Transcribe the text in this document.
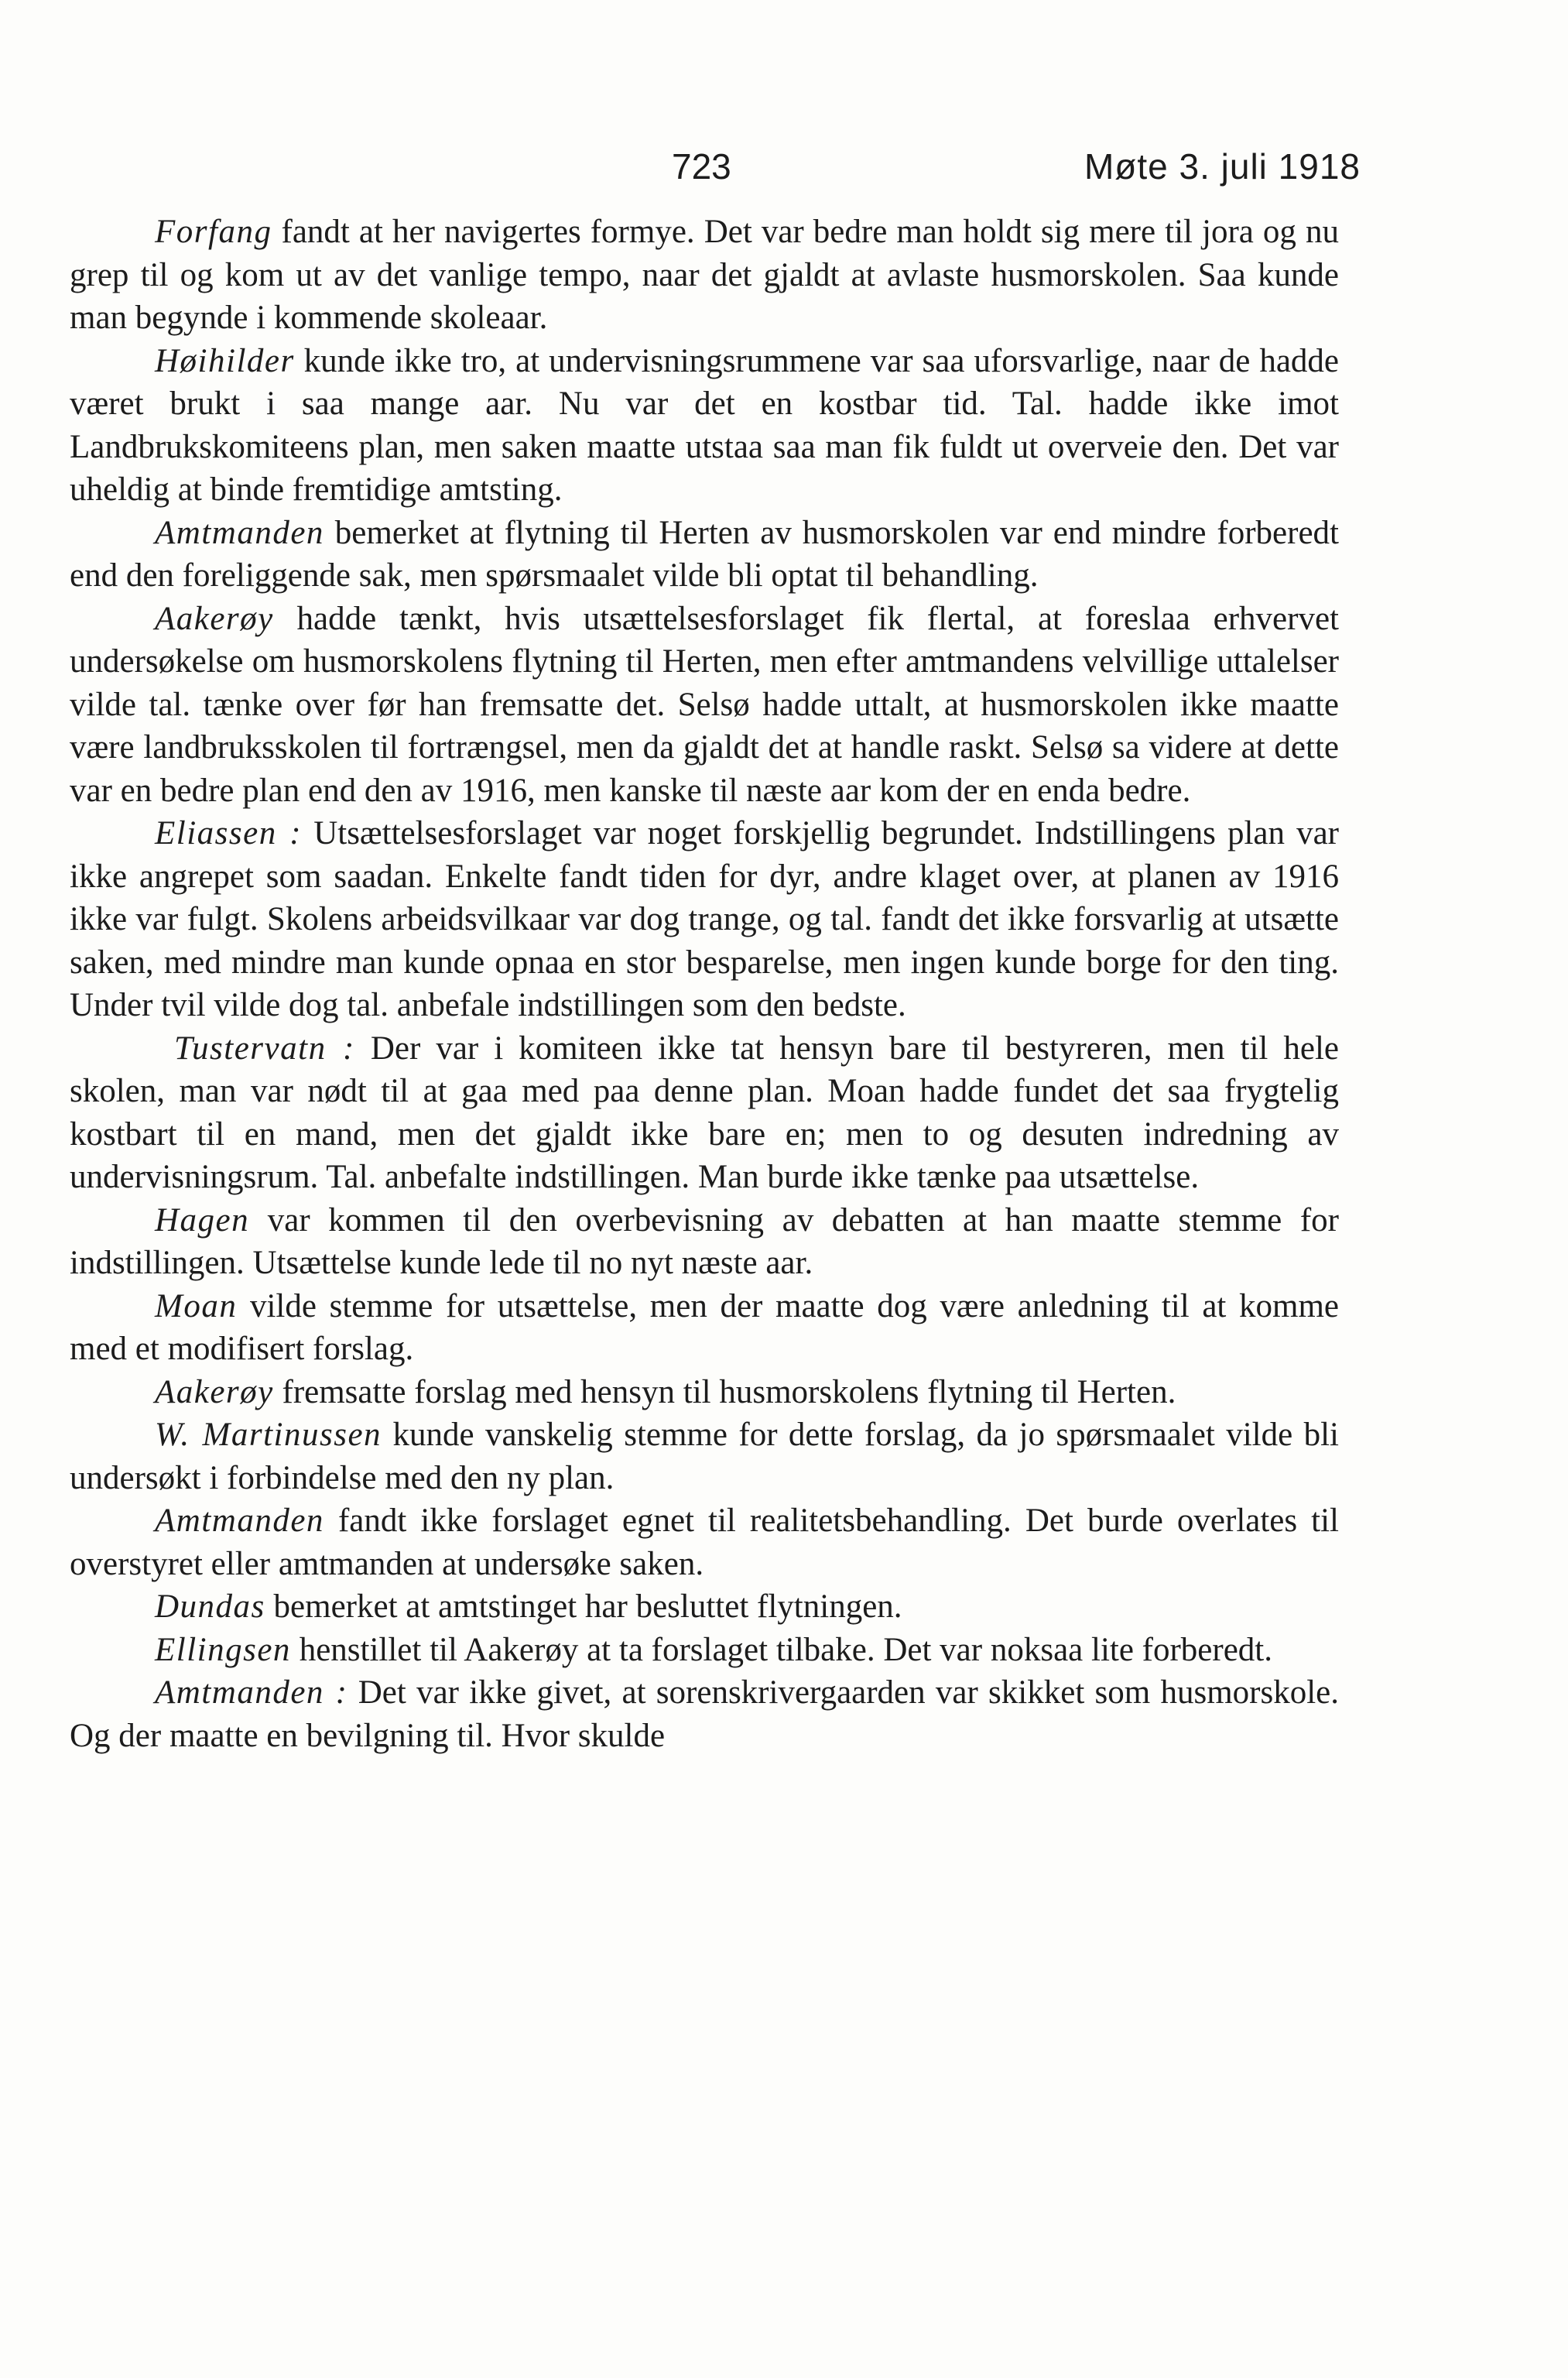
723	Møte 3. juli 1918

Forfang fandt at her navigertes formye. Det var bedre man holdt sig mere til jora og nu grep til og kom ut av det vanlige tempo, naar det gjaldt at avlaste husmorskolen. Saa kunde man begynde i kommende skoleaar.

Høihilder kunde ikke tro, at undervisningsrummene var saa uforsvarlige, naar de hadde været brukt i saa mange aar. Nu var det en kostbar tid. Tal. hadde ikke imot Landbrukskomiteens plan, men saken maatte utstaa saa man fik fuldt ut overveie den. Det var uheldig at binde fremtidige amtsting.

Amtmanden bemerket at flytning til Herten av husmorskolen var end mindre forberedt end den foreliggende sak, men spørsmaalet vilde bli optat til behandling.

Aakerøy hadde tænkt, hvis utsættelsesforslaget fik flertal, at foreslaa erhvervet undersøkelse om husmorskolens flytning til Herten, men efter amtmandens velvillige uttalelser vilde tal. tænke over før han fremsatte det. Selsø hadde uttalt, at husmorskolen ikke maatte være landbruksskolen til fortrængsel, men da gjaldt det at handle raskt. Selsø sa videre at dette var en bedre plan end den av 1916, men kanske til næste aar kom der en enda bedre.

Eliassen : Utsættelsesforslaget var noget forskjellig begrundet. Indstillingens plan var ikke angrepet som saadan. Enkelte fandt tiden for dyr, andre klaget over, at planen av 1916 ikke var fulgt. Skolens arbeidsvilkaar var dog trange, og tal. fandt det ikke forsvarlig at utsætte saken, med mindre man kunde opnaa en stor besparelse, men ingen kunde borge for den ting. Under tvil vilde dog tal. anbefale indstillingen som den bedste.

Tustervatn : Der var i komiteen ikke tat hensyn bare til bestyreren, men til hele skolen, man var nødt til at gaa med paa denne plan. Moan hadde fundet det saa frygtelig kostbart til en mand, men det gjaldt ikke bare en; men to og desuten indredning av undervisningsrum. Tal. anbefalte indstillingen. Man burde ikke tænke paa utsættelse.

Hagen var kommen til den overbevisning av debatten at han maatte stemme for indstillingen. Utsættelse kunde lede til no nyt næste aar.

Moan vilde stemme for utsættelse, men der maatte dog være anledning til at komme med et modifisert forslag.

Aakerøy fremsatte forslag med hensyn til husmorskolens flytning til Herten.

W. Martinussen kunde vanskelig stemme for dette forslag, da jo spørsmaalet vilde bli undersøkt i forbindelse med den ny plan.

Amtmanden fandt ikke forslaget egnet til realitetsbehandling. Det burde overlates til overstyret eller amtmanden at undersøke saken.

Dundas bemerket at amtstinget har besluttet flytningen.

Ellingsen henstillet til Aakerøy at ta forslaget tilbake. Det var noksaa lite forberedt.

Amtmanden : Det var ikke givet, at sorenskrivergaarden var skikket som husmorskole. Og der maatte en bevilgning til. Hvor skulde
